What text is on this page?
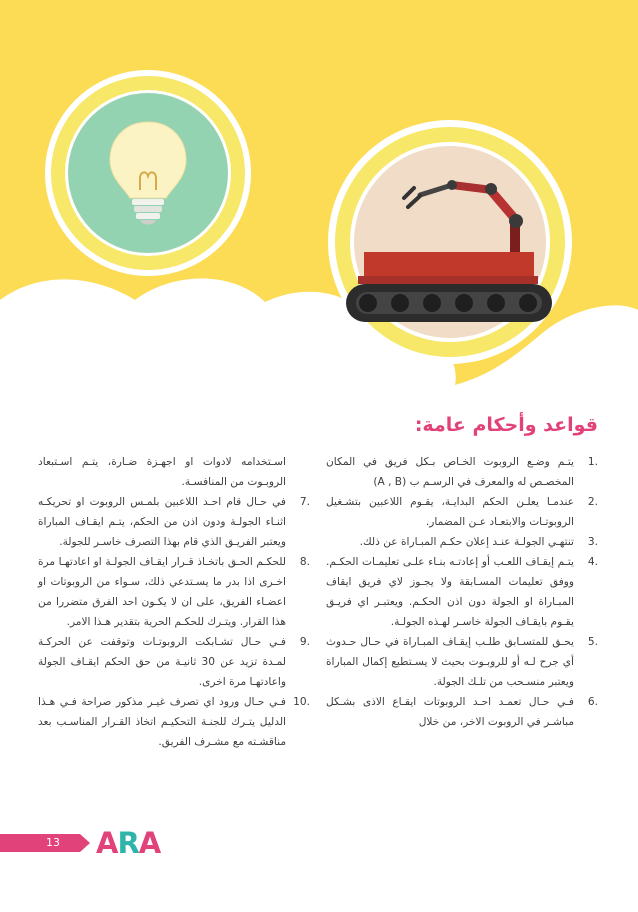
قواعد وأحكام عامة:
1.
يتـم وضـع الروبوت الخـاص بـكل فريق في المكان المخصـص له والمعرف في الرسـم ب (A , B)
2.
عندمـا يعلـن الحكم البدايـة، يقـوم اللاعبين بتشـغيل الروبوتـات والابتعـاد عـن المضمار.
3.
تنتهـي الجولـة عنـد إعلان حكـم المبـاراة عن ذلك.
4.
يتـم إيقـاف اللعـب أو إعادتـه بنـاء علـى تعليمـات الحكـم. ووفق تعليمات المسـابقة ولا يجـوز لاي فريق ايقاف المبـاراة او الجولة دون اذن الحكـم. ويعتبـر اي فريـق يقـوم بايقـاف الجولة خاسـر لهـذه الجولـة.
5.
يحـق للمتسـابق طلـب إيقـاف المبـاراة في حـال حـدوث أي جرح لـه أو للروبـوت بحيث لا يسـتطيع إكمال المباراة ويعتبر منسـحب من تلـك الجولة.
6.
فـي حـال تعمـد احـد الروبوتات ايقـاع الاذى بشـكل مباشـر في الروبوت الاخر، من خلال
اسـتخدامه لادوات او اجهـزة ضـارة، يتـم اسـتبعاد الروبـوت من المنافسـة.
7.
في حـال قام احـد اللاعبين بلمـس الروبوت او تحريكـه اثنـاء الجولـة ودون اذن من الحكم، يتـم ايقـاف المباراة ويعتبر الفريـق الذي قام بهذا التصرف خاسـر للجولة.
8.
للحكـم الحـق باتخـاذ قـرار ايقـاف الجولـة او اعادتهـا مرة اخـرى اذا بدر ما يسـتدعي ذلك، سـواء من الروبوتات او اعضـاء الفريق، على ان لا يكـون احد الفرق متضررا من هذا القرار. ويتـرك للحكـم الحرية بتقدير هـذا الامر.
9.
فـي حـال تشـابكت الروبوتـات وتوقفت عن الحركـة لمـدة تزيد عن 30 ثانيـة من حق الحكم ايقـاف الجولة واعادتهـا مرة اخرى.
10.
فـي حـال ورود اي تصرف غيـر مذكور صراحة فـي هـذا الدليل يتـرك للجنـة التحكيـم اتخاذ القـرار المناسـب بعد مناقشـته مع مشـرف الفريق.
13 ARA
